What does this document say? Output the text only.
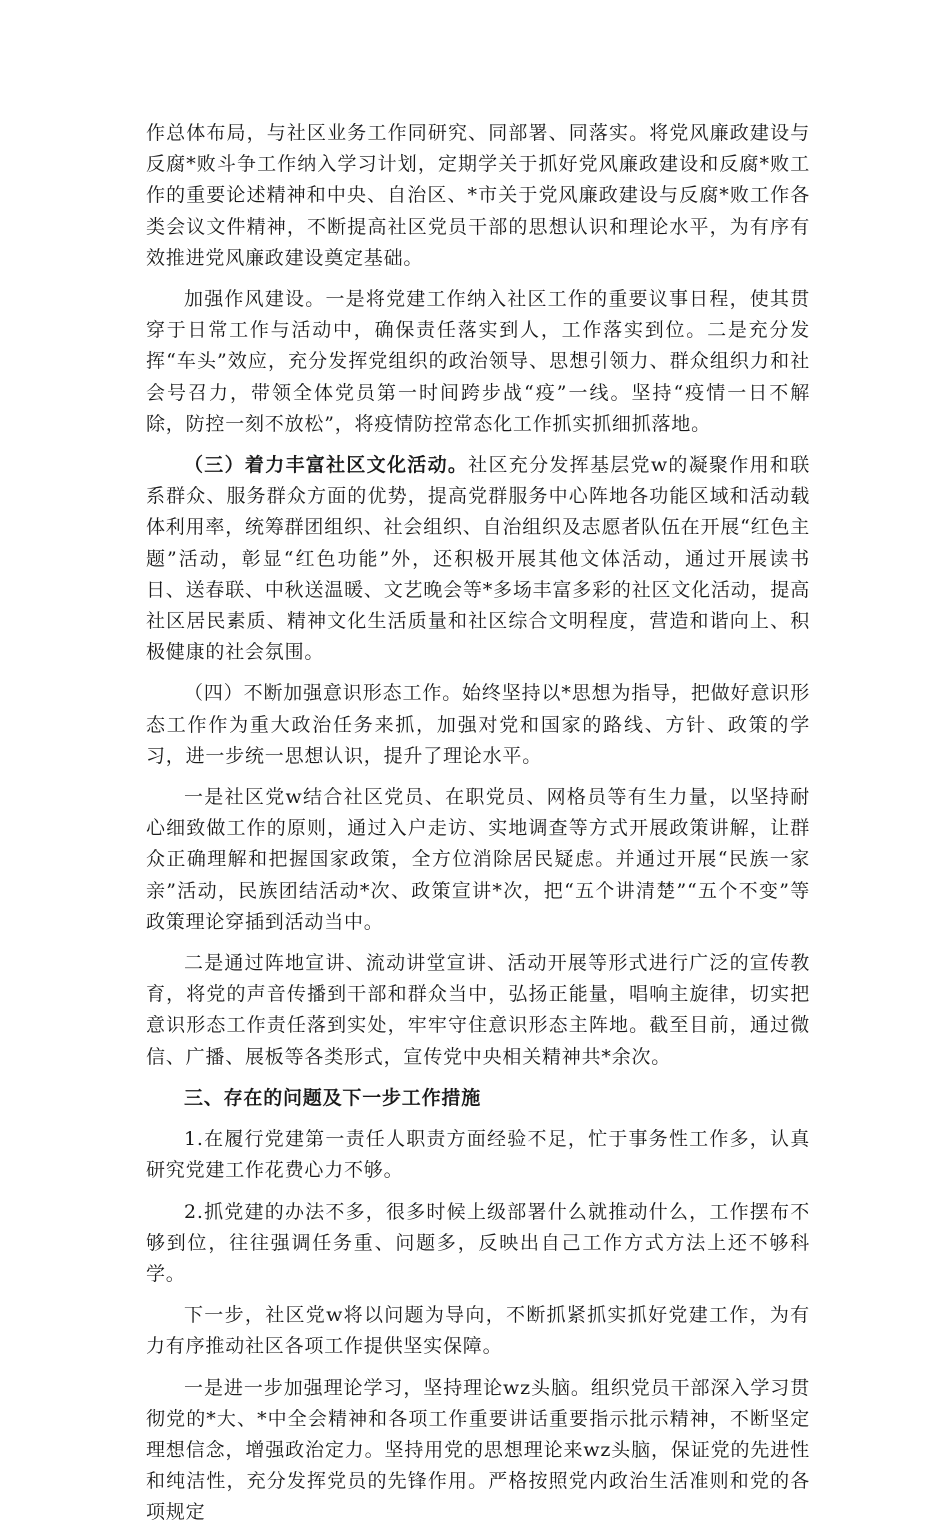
作总体布局，与社区业务工作同研究、同部署、同落实。将党风廉政建设与反腐*败斗争工作纳入学习计划，定期学关于抓好党风廉政建设和反腐*败工作的重要论述精神和中央、自治区、*市关于党风廉政建设与反腐*败工作各类会议文件精神，不断提高社区党员干部的思想认识和理论水平，为有序有效推进党风廉政建设奠定基础。

加强作风建设。一是将党建工作纳入社区工作的重要议事日程，使其贯穿于日常工作与活动中，确保责任落实到人，工作落实到位。二是充分发挥“车头”效应，充分发挥党组织的政治领导、思想引领力、群众组织力和社会号召力，带领全体党员第一时间跨步战“疫”一线。坚持“疫情一日不解除，防控一刻不放松”，将疫情防控常态化工作抓实抓细抓落地。

（三）着力丰富社区文化活动。社区充分发挥基层党w的凝聚作用和联系群众、服务群众方面的优势，提高党群服务中心阵地各功能区域和活动载体利用率，统筹群团组织、社会组织、自治组织及志愿者队伍在开展“红色主题”活动，彰显“红色功能”外，还积极开展其他文体活动，通过开展读书日、送春联、中秋送温暖、文艺晚会等*多场丰富多彩的社区文化活动，提高社区居民素质、精神文化生活质量和社区综合文明程度，营造和谐向上、积极健康的社会氛围。

（四）不断加强意识形态工作。始终坚持以*思想为指导，把做好意识形态工作作为重大政治任务来抓，加强对党和国家的路线、方针、政策的学习，进一步统一思想认识，提升了理论水平。

一是社区党w结合社区党员、在职党员、网格员等有生力量，以坚持耐心细致做工作的原则，通过入户走访、实地调查等方式开展政策讲解，让群众正确理解和把握国家政策，全方位消除居民疑虑。并通过开展“民族一家亲”活动，民族团结活动*次、政策宣讲*次，把“五个讲清楚”“五个不变”等政策理论穿插到活动当中。

二是通过阵地宣讲、流动讲堂宣讲、活动开展等形式进行广泛的宣传教育，将党的声音传播到干部和群众当中，弘扬正能量，唱响主旋律，切实把意识形态工作责任落到实处，牢牢守住意识形态主阵地。截至目前，通过微信、广播、展板等各类形式，宣传党中央相关精神共*余次。

三、存在的问题及下一步工作措施

1.在履行党建第一责任人职责方面经验不足，忙于事务性工作多，认真研究党建工作花费心力不够。

2.抓党建的办法不多，很多时候上级部署什么就推动什么，工作摆布不够到位，往往强调任务重、问题多，反映出自己工作方式方法上还不够科学。

下一步，社区党w将以问题为导向，不断抓紧抓实抓好党建工作，为有力有序推动社区各项工作提供坚实保障。

一是进一步加强理论学习，坚持理论wz头脑。组织党员干部深入学习贯彻党的*大、*中全会精神和各项工作重要讲话重要指示批示精神，不断坚定理想信念，增强政治定力。坚持用党的思想理论来wz头脑，保证党的先进性和纯洁性，充分发挥党员的先锋作用。严格按照党内政治生活准则和党的各项规定
